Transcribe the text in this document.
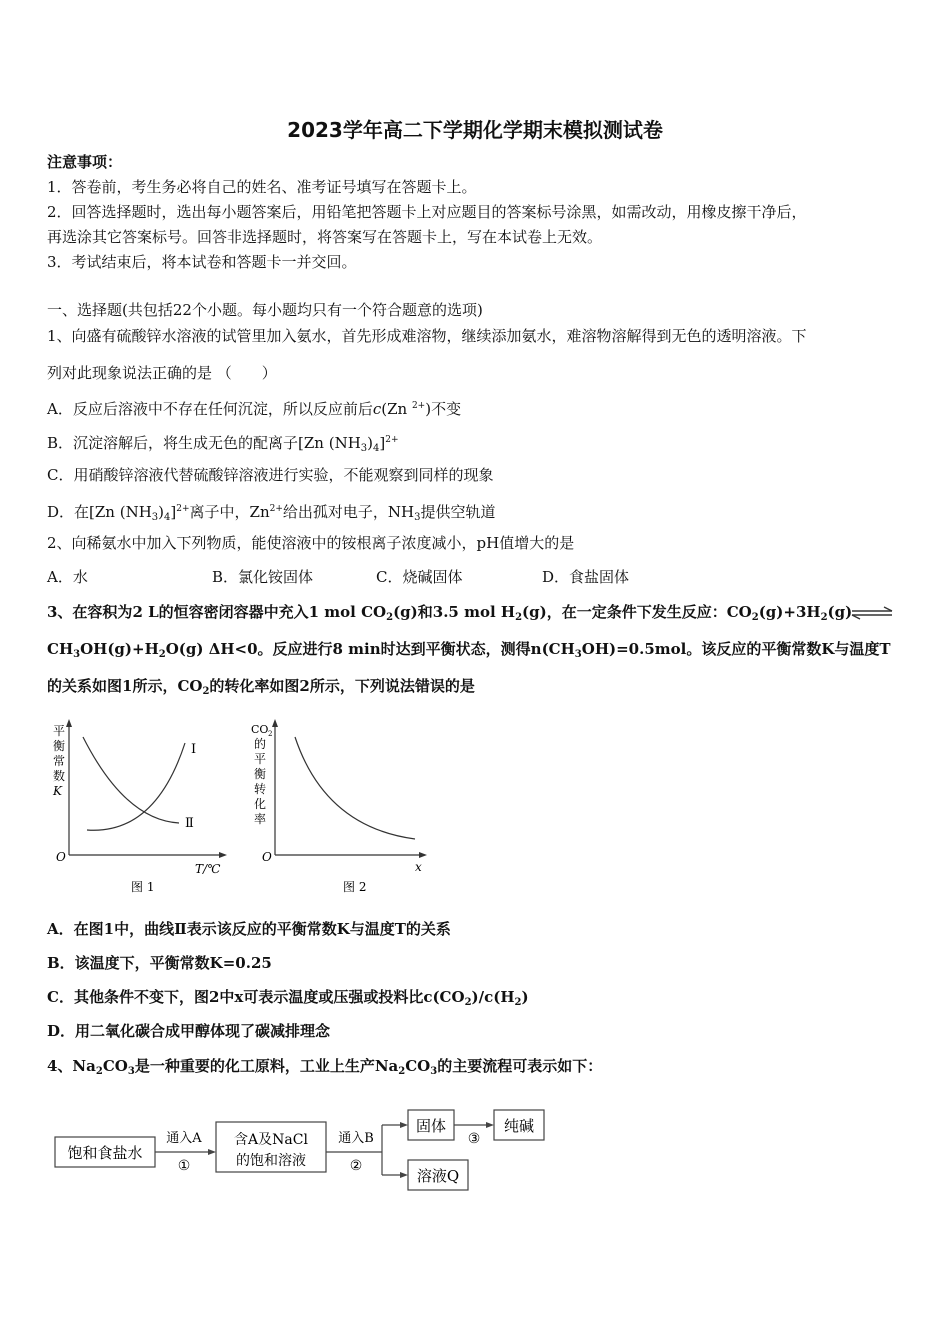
2023学年高二下学期化学期末模拟测试卷
注意事项：
1．答卷前，考生务必将自己的姓名、准考证号填写在答题卡上。
2．回答选择题时，选出每小题答案后，用铅笔把答题卡上对应题目的答案标号涂黑，如需改动，用橡皮擦干净后，
再选涂其它答案标号。回答非选择题时，将答案写在答题卡上，写在本试卷上无效。
3．考试结束后，将本试卷和答题卡一并交回。
一、选择题(共包括22个小题。每小题均只有一个符合题意的选项)
1、向盛有硫酸锌水溶液的试管里加入氨水，首先形成难溶物，继续添加氨水，难溶物溶解得到无色的透明溶液。下
列对此现象说法正确的是 （　　）
A．反应后溶液中不存在任何沉淀，所以反应前后c(Zn $^{2+}$)不变
B．沉淀溶解后，将生成无色的配离子[Zn $(NH_3)_4]^{2+}$
C．用硝酸锌溶液代替硫酸锌溶液进行实验，不能观察到同样的现象
D．在[Zn $(NH_3)_4]^{2+}$离子中，$Zn^{2+}$给出孤对电子，$NH_3$提供空轨道
2、向稀氨水中加入下列物质，能使溶液中的铵根离子浓度减小，pH值增大的是
A．水	B．氯化铵固体	C．烧碱固体	D．食盐固体
3、在容积为2 L的恒容密闭容器中充入1 mol $CO_2(g)$和3.5 mol $H_2(g)$，在一定条件下发生反应：$CO_2(g)+3H_2(g)$
$CH_3OH(g)+H_2O(g)$ ΔH<0。反应进行8 min时达到平衡状态，测得$n(CH_3OH)=0.5mol$。该反应的平衡常数K与温度T
的关系如图1所示，$CO_2$的转化率如图2所示，下列说法错误的是
平
衡
常
数
K
Ⅰ
Ⅱ
O
T/℃
图 1
CO 2
的
平
衡
转
化
率
O
x
图 2
A．在图1中，曲线Ⅱ表示该反应的平衡常数K与温度T的关系
B．该温度下，平衡常数K=0.25
C．其他条件不变下，图2中x可表示温度或压强或投料比$c(CO_2)/c(H_2)$
D．用二氧化碳合成甲醇体现了碳减排理念
4、$Na_2CO_3$是一种重要的化工原料，工业上生产$Na_2CO_3$的主要流程可表示如下：
饱和食盐水
通入A
①
含A及NaCl
的饱和溶液
通入B
②
固体
③
纯碱
溶液Q
